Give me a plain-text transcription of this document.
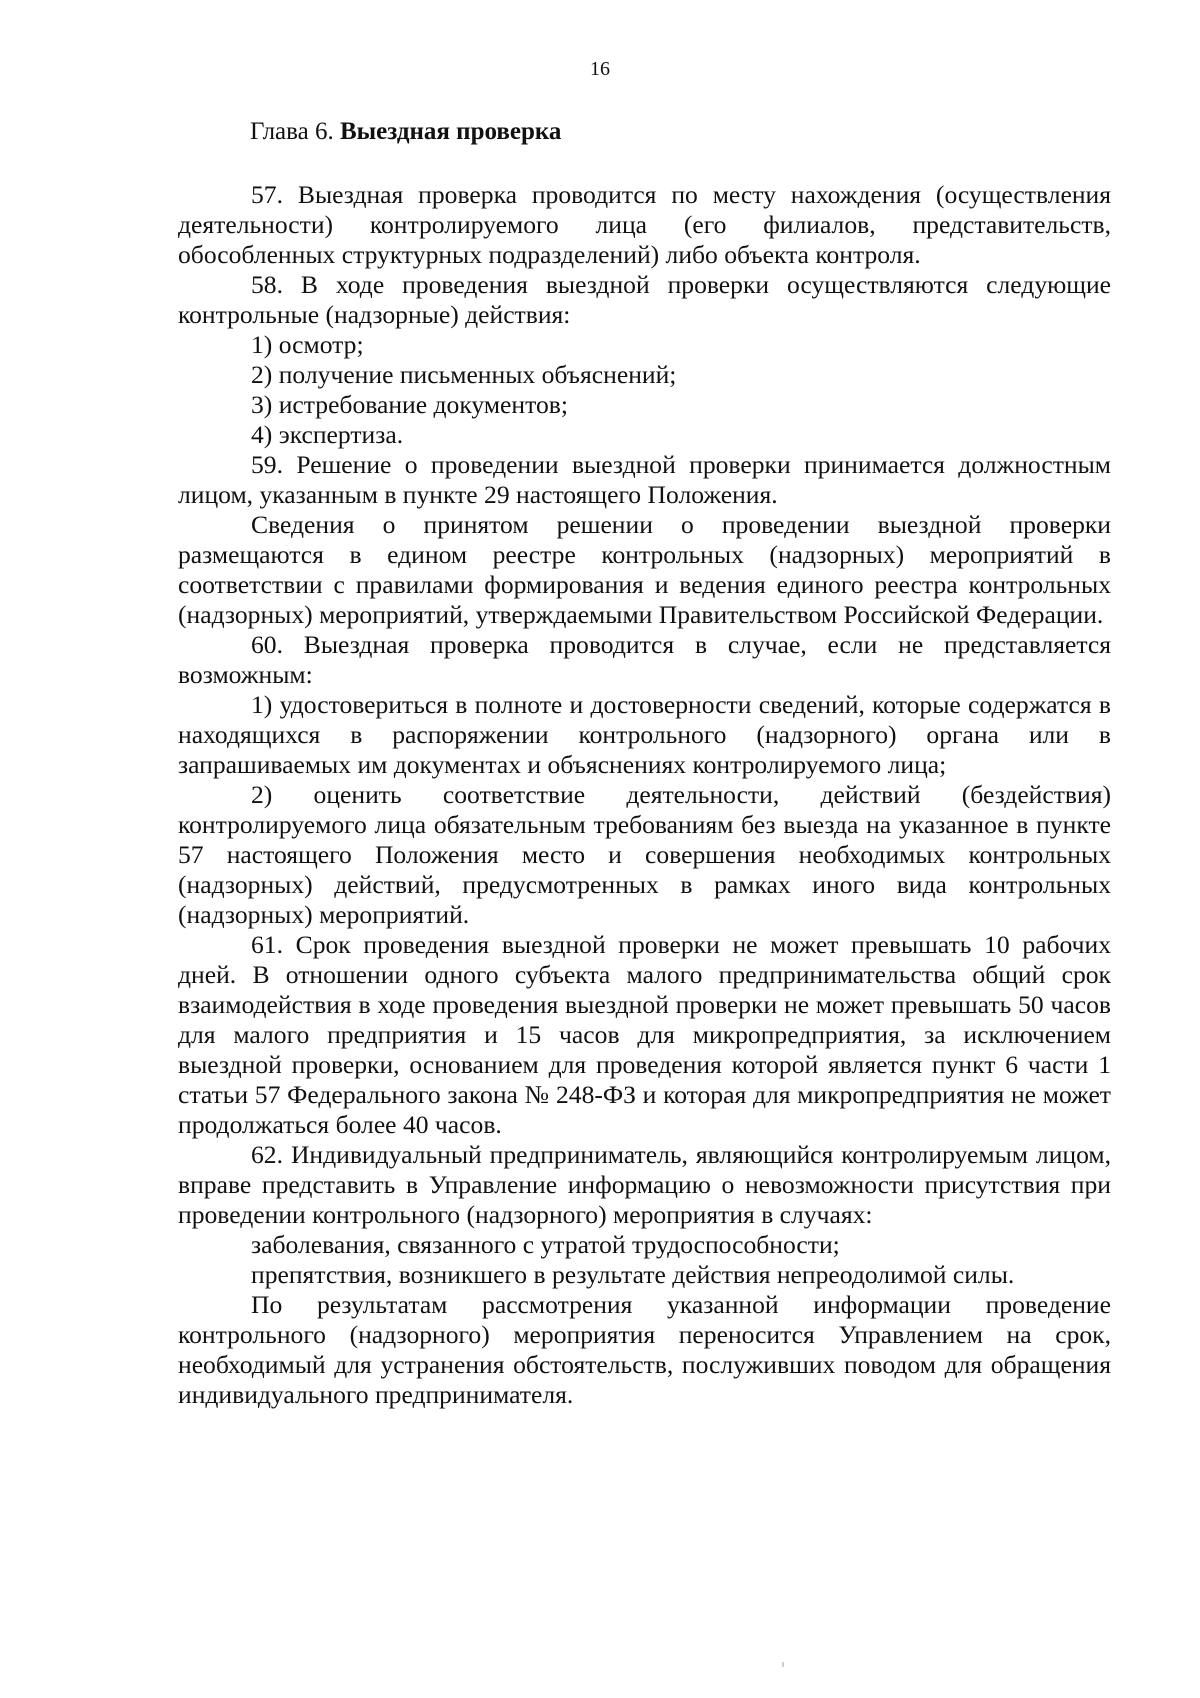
16
Глава 6. Выездная проверка

57. Выездная проверка проводится по месту нахождения (осуществления деятельности) контролируемого лица (его филиалов, представительств, обособленных структурных подразделений) либо объекта контроля.

58. В ходе проведения выездной проверки осуществляются следующие контрольные (надзорные) действия:

1) осмотр;

2) получение письменных объяснений;

3) истребование документов;

4) экспертиза.

59. Решение о проведении выездной проверки принимается должностным лицом, указанным в пункте 29 настоящего Положения.

Сведения о принятом решении о проведении выездной проверки размещаются в едином реестре контрольных (надзорных) мероприятий в соответствии с правилами формирования и ведения единого реестра контрольных (надзорных) мероприятий, утверждаемыми Правительством Российской Федерации.

60. Выездная проверка проводится в случае, если не представляется возможным:

1) удостовериться в полноте и достоверности сведений, которые содержатся в находящихся в распоряжении контрольного (надзорного) органа или в запрашиваемых им документах и объяснениях контролируемого лица;

2) оценить соответствие деятельности, действий (бездействия) контролируемого лица обязательным требованиям без выезда на указанное в пункте 57 настоящего Положения место и совершения необходимых контрольных (надзорных) действий, предусмотренных в рамках иного вида контрольных (надзорных) мероприятий.

61. Срок проведения выездной проверки не может превышать 10 рабочих дней. В отношении одного субъекта малого предпринимательства общий срок взаимодействия в ходе проведения выездной проверки не может превышать 50 часов для малого предприятия и 15 часов для микропредприятия, за исключением выездной проверки, основанием для проведения которой является пункт 6 части 1 статьи 57 Федерального закона № 248-ФЗ и которая для микропредприятия не может продолжаться более 40 часов.

62. Индивидуальный предприниматель, являющийся контролируемым лицом, вправе представить в Управление информацию о невозможности присутствия при проведении контрольного (надзорного) мероприятия в случаях:

заболевания, связанного с утратой трудоспособности;

препятствия, возникшего в результате действия непреодолимой силы.

По результатам рассмотрения указанной информации проведение контрольного (надзорного) мероприятия переносится Управлением на срок, необходимый для устранения обстоятельств, послуживших поводом для обращения индивидуального предпринимателя.
